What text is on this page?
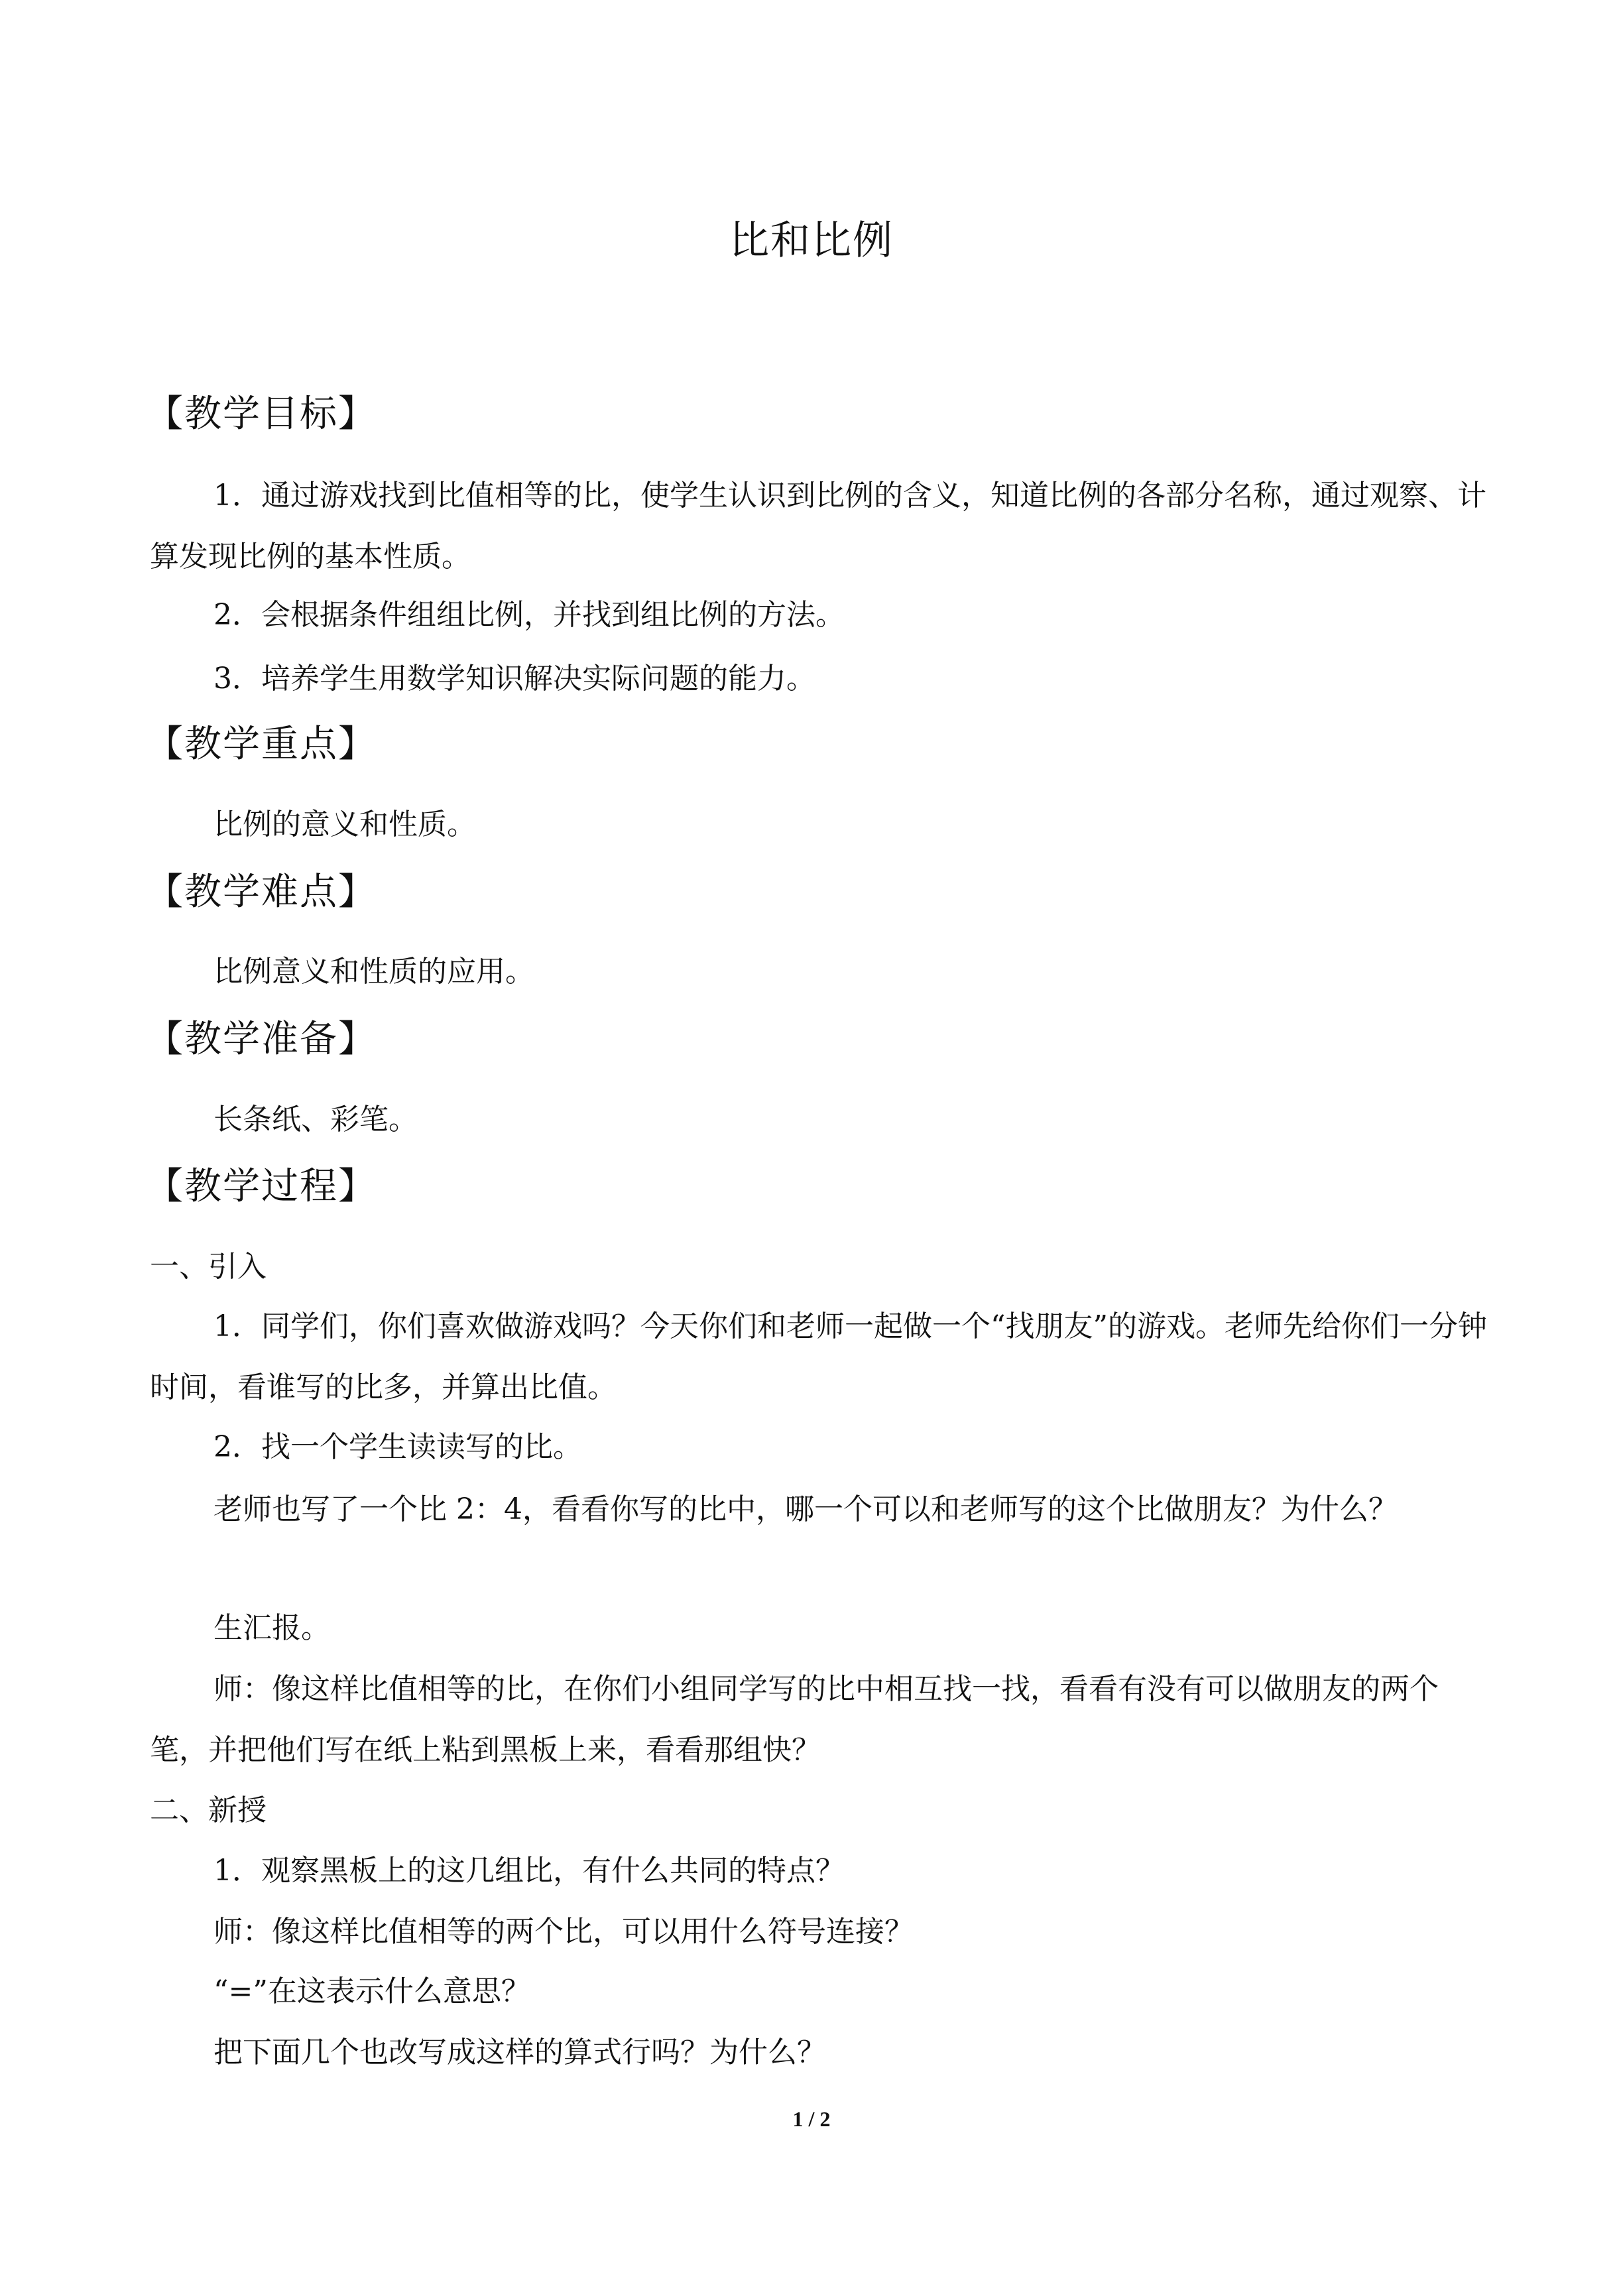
比和比例
【教学目标】

1．通过游戏找到比值相等的比，使学生认识到比例的含义，知道比例的各部分名称，通过观察、计算发现比例的基本性质。

2．会根据条件组组比例，并找到组比例的方法。

3．培养学生用数学知识解决实际问题的能力。

【教学重点】

比例的意义和性质。

【教学难点】

比例意义和性质的应用。

【教学准备】

长条纸、彩笔。

【教学过程】

一、引入

1．同学们，你们喜欢做游戏吗？今天你们和老师一起做一个“找朋友”的游戏。老师先给你们一分钟时间，看谁写的比多，并算出比值。

2．找一个学生读读写的比。

老师也写了一个比 2：4，看看你写的比中，哪一个可以和老师写的这个比做朋友？为什么？

生汇报。

师：像这样比值相等的比，在你们小组同学写的比中相互找一找，看看有没有可以做朋友的两个笔，并把他们写在纸上粘到黑板上来，看看那组快？

二、新授

1．观察黑板上的这几组比，有什么共同的特点？

师：像这样比值相等的两个比，可以用什么符号连接？

“=”在这表示什么意思？

把下面几个也改写成这样的算式行吗？为什么？

1 / 2
